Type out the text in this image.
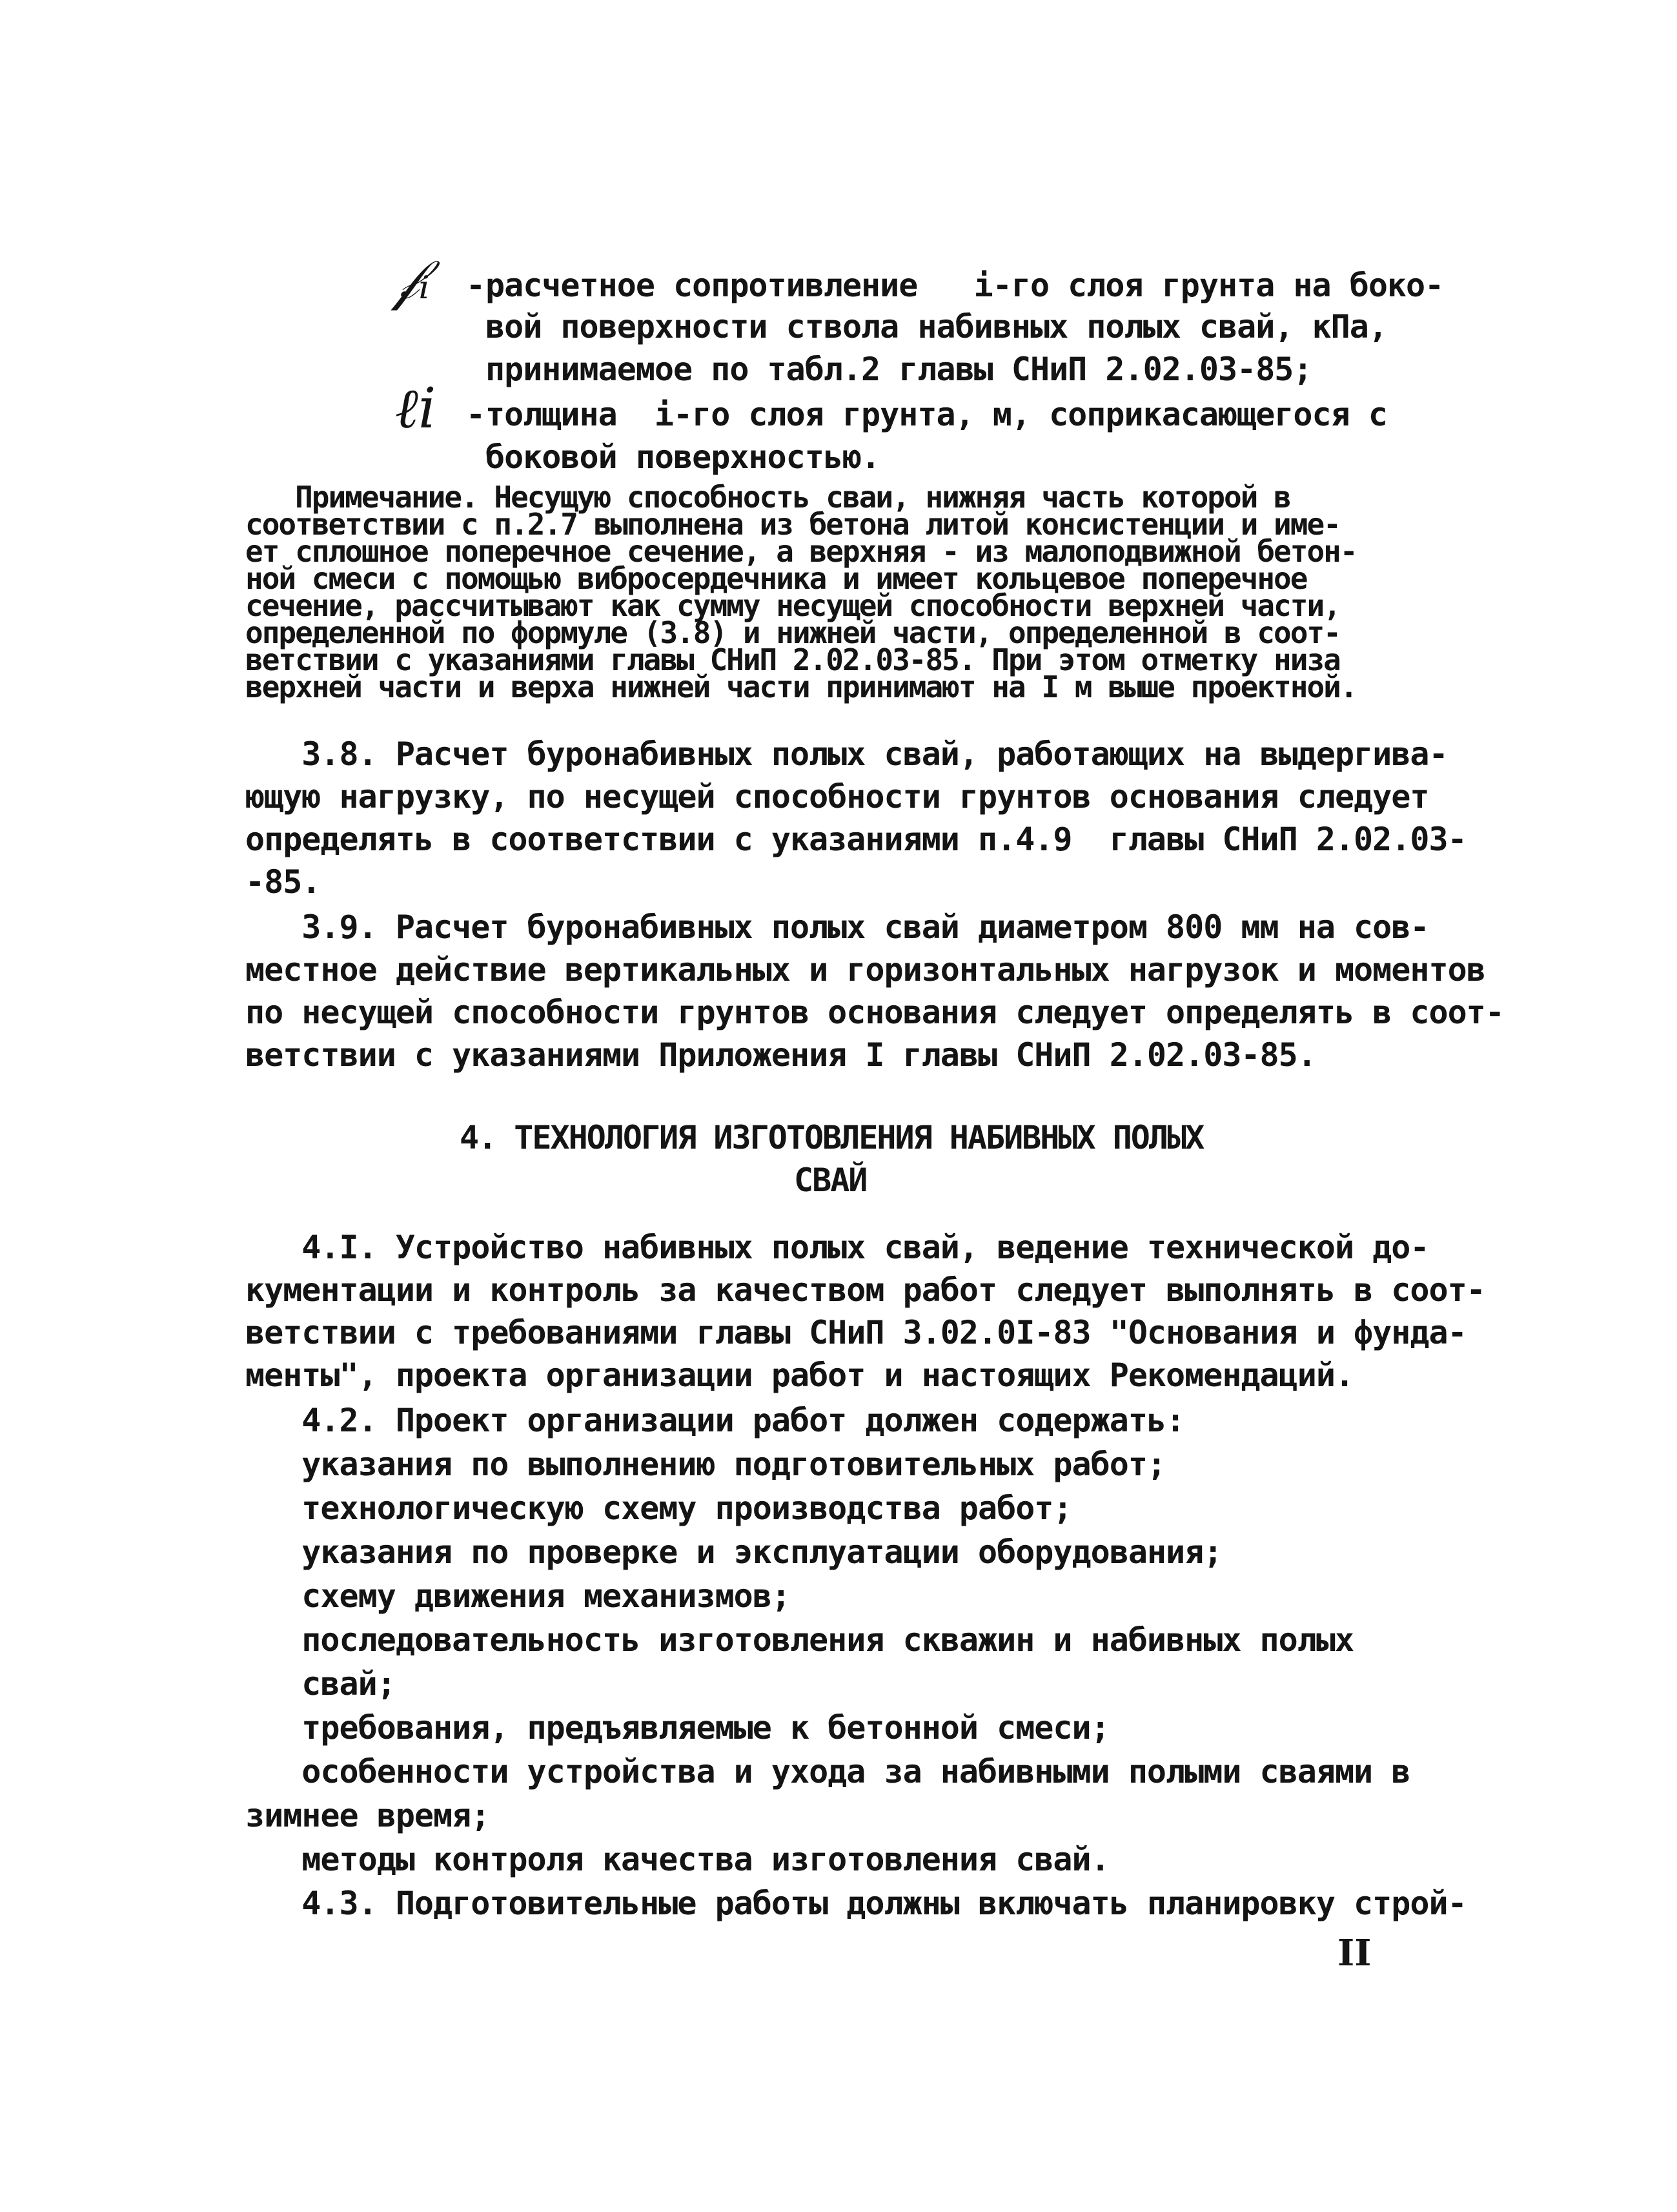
𝒻ᵢ - расчетное сопротивление   i-го слоя грунта на боко-
вой поверхности ствола набивных полых свай, кПа,
принимаемое по табл.2 главы СНиП 2.02.03-85;
ℓi - толщина  i-го слоя грунта, м, соприкасающегося с
боковой поверхностью.
Примечание. Несущую способность сваи, нижняя часть которой в
соответствии с п.2.7 выполнена из бетона литой консистенции и име-
ет сплошное поперечное сечение, а верхняя - из малоподвижной бетон-
ной смеси с помощью вибросердечника и имеет кольцевое поперечное
сечение, рассчитывают как сумму несущей способности верхней части,
определенной по формуле (3.8) и нижней части, определенной в соот-
ветствии с указаниями главы СНиП 2.02.03-85. При этом отметку низа
верхней части и верха нижней части принимают на I м выше проектной.
3.8. Расчет буронабивных полых свай, работающих на выдергива-
ющую нагрузку, по несущей способности грунтов основания следует
определять в соответствии с указаниями п.4.9  главы СНиП 2.02.03-
-85.
3.9. Расчет буронабивных полых свай диаметром 800 мм на сов-
местное действие вертикальных и горизонтальных нагрузок и моментов
по несущей способности грунтов основания следует определять в соот-
ветствии с указаниями Приложения I главы СНиП 2.02.03-85.
4. ТЕХНОЛОГИЯ ИЗГОТОВЛЕНИЯ НАБИВНЫХ ПОЛЫХ
СВАЙ
4.I. Устройство набивных полых свай, ведение технической до-
кументации и контроль за качеством работ следует выполнять в соот-
ветствии с требованиями главы СНиП 3.02.0I-83 "Основания и фунда-
менты", проекта организации работ и настоящих Рекомендаций.
4.2. Проект организации работ должен содержать:
указания по выполнению подготовительных работ;
технологическую схему производства работ;
указания по проверке и эксплуатации оборудования;
схему движения механизмов;
последовательность изготовления скважин и набивных полых
свай;
требования, предъявляемые к бетонной смеси;
особенности устройства и ухода за набивными полыми сваями в
зимнее время;
методы контроля качества изготовления свай.
4.3. Подготовительные работы должны включать планировку строй-
II
